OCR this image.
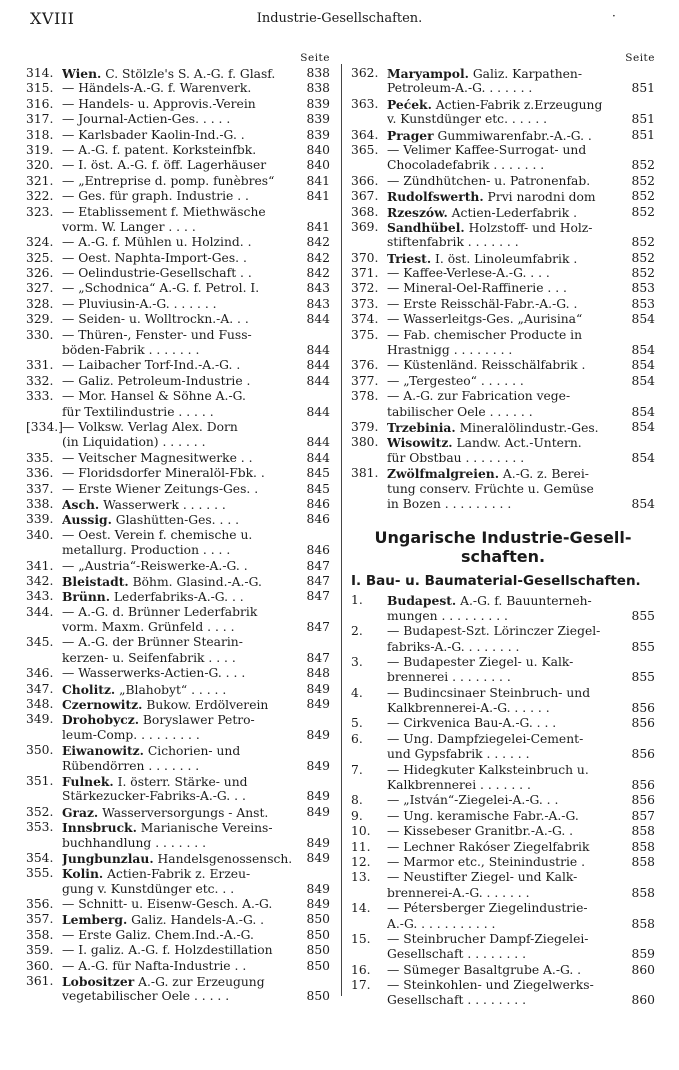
XVIII	Industrie-Gesellschaften.	·
Seite
314. Wien. C. Stölzle's S. A.-G. f. Glasf.	838
315. — Händels-A.-G. f. Warenverk.	838
316. — Handels- u. Approvis.-Verein	839
317. — Journal-Actien-Ges. . . . .	839
318. — Karlsbader Kaolin-Ind.-G. .	839
319. — A.-G. f. patent. Korksteinfbk.	840
320. — I. öst. A.-G. f. öff. Lagerhäuser	840
321. — „Entreprise d. pomp. funèbres“	841
322. — Ges. für graph. Industrie . .	841
323. — Etablissement f. Miethwäsche
vorm. W. Langer . . . .	841
324. — A.-G. f. Mühlen u. Holzind. .	842
325. — Oest. Naphta-Import-Ges. .	842
326. — Oelindustrie-Gesellschaft . .	842
327. — „Schodnica“ A.-G. f. Petrol. I.	843
328. — Pluviusin-A.-G. . . . . . .	843
329. — Seiden- u. Wolltrockn.-A. . .	844
330. — Thüren-, Fenster- und Fuss-
böden-Fabrik . . . . . . .	844
331. — Laibacher Torf-Ind.-A.-G. .	844
332. — Galiz. Petroleum-Industrie .	844
333. — Mor. Hansel & Söhne A.-G.
für Textilindustrie . . . . .	844
[334.] — Volksw. Verlag Alex. Dorn
(in Liquidation) . . . . . .	844
335. — Veitscher Magnesitwerke . .	844
336. — Floridsdorfer Mineralöl-Fbk. .	845
337. — Erste Wiener Zeitungs-Ges. .	845
338. Asch. Wasserwerk . . . . . .	846
339. Aussig. Glashütten-Ges. . . .	846
340. — Oest. Verein f. chemische u.
metallurg. Production . . . .	846
341. — „Austria“-Reiswerke-A.-G. .	847
342. Bleistadt. Böhm. Glasind.-A.-G.	847
343. Brünn. Lederfabriks-A.-G. . .	847
344. — A.-G. d. Brünner Lederfabrik
vorm. Maxm. Grünfeld . . . .	847
345. — A.-G. der Brünner Stearin-
kerzen- u. Seifenfabrik . . . .	847
346. — Wasserwerks-Actien-G. . . .	848
347. Cholitz. „Blahobyt“ . . . . .	849
348. Czernowitz. Bukow. Erdölverein	849
349. Drohobycz. Boryslawer Petro-
leum-Comp. . . . . . . . .	849
350. Eiwanowitz. Cichorien- und
Rübendörren . . . . . . .	849
351. Fulnek. I. österr. Stärke- und
Stärkezucker-Fabriks-A.-G. . .	849
352. Graz. Wasserversorgungs - Anst.	849
353. Innsbruck. Marianische Vereins-
buchhandlung . . . . . . .	849
354. Jungbunzlau. Handelsgenossensch.	849
355. Kolin. Actien-Fabrik z. Erzeu-
gung v. Kunstdünger etc. . .	849
356. — Schnitt- u. Eisenw-Gesch. A.-G.	849
357. Lemberg. Galiz. Handels-A.-G. .	850
358. — Erste Galiz. Chem.Ind.-A.-G.	850
359. — I. galiz. A.-G. f. Holzdestillation	850
360. — A.-G. für Nafta-Industrie . .	850
361. Lobositzer A.-G. zur Erzeugung
vegetabilischer Oele . . . . .	850
Seite
362. Maryampol. Galiz. Karpathen-
Petroleum-A.-G. . . . . . .	851
363. Pećek. Actien-Fabrik z.Erzeugung
v. Kunstdünger etc. . . . . .	851
364. Prager Gummiwarenfabr.-A.-G. .	851
365. — Velimer Kaffee-Surrogat- und
Chocoladefabrik . . . . . . .	852
366. — Zündhütchen- u. Patronenfab.	852
367. Rudolfswerth. Prvi narodni dom	852
368. Rzeszów. Actien-Lederfabrik .	852
369. Sandhübel. Holzstoff- und Holz-
stiftenfabrik . . . . . . .	852
370. Triest. I. öst. Linoleumfabrik .	852
371. — Kaffee-Verlese-A.-G. . . .	852
372. — Mineral-Oel-Raffinerie . . .	853
373. — Erste Reisschäl-Fabr.-A.-G. .	853
374. — Wasserleitgs-Ges. „Aurisina“	854
375. — Fab. chemischer Producte in
Hrastnigg . . . . . . . .	854
376. — Küstenländ. Reisschälfabrik .	854
377. — „Tergesteo“ . . . . . .	854
378. — A.-G. zur Fabrication vege-
tabilischer Oele . . . . . .	854
379. Trzebinia. Mineralölindustr.-Ges.	854
380. Wisowitz. Landw. Act.-Untern.
für Obstbau . . . . . . . .	854
381. Zwölfmalgreien. A.-G. z. Berei-
tung conserv. Früchte u. Gemüse
in Bozen . . . . . . . . .	854
Ungarische Industrie-Gesell-
schaften.
I. Bau- u. Baumaterial-Gesellschaften.
1.	Budapest. A.-G. f. Bauunterneh-
mungen . . . . . . . . .	855
2.	— Budapest-Szt. Lörinczer Ziegel-
fabriks-A.-G. . . . . . . .	855
3.	— Budapester Ziegel- u. Kalk-
brennerei . . . . . . . .	855
4.	— Budincsinaer Steinbruch- und
Kalkbrennerei-A.-G. . . . . .	856
5.	— Cirkvenica Bau-A.-G. . . .	856
6.	— Ung. Dampfziegelei-Cement-
und Gypsfabrik . . . . . .	856
7.	— Hidegkuter Kalksteinbruch u.
Kalkbrennerei . . . . . . .	856
8.	— „István“-Ziegelei-A.-G. . .	856
9.	— Ung. keramische Fabr.-A.-G.	857
10.	— Kissebeser Granitbr.-A.-G. .	858
11.	— Lechner Rakóser Ziegelfabrik	858
12.	— Marmor etc., Steinindustrie .	858
13.	— Neustifter Ziegel- und Kalk-
brennerei-A.-G. . . . . . .	858
14.	— Pétersberger Ziegelindustrie-
A.-G. . . . . . . . . . .	858
15.	— Steinbrucher Dampf-Ziegelei-
Gesellschaft . . . . . . . .	859
16.	— Sümeger Basaltgrube A.-G. .	860
17.	— Steinkohlen- und Ziegelwerks-
Gesellschaft . . . . . . . .	860
